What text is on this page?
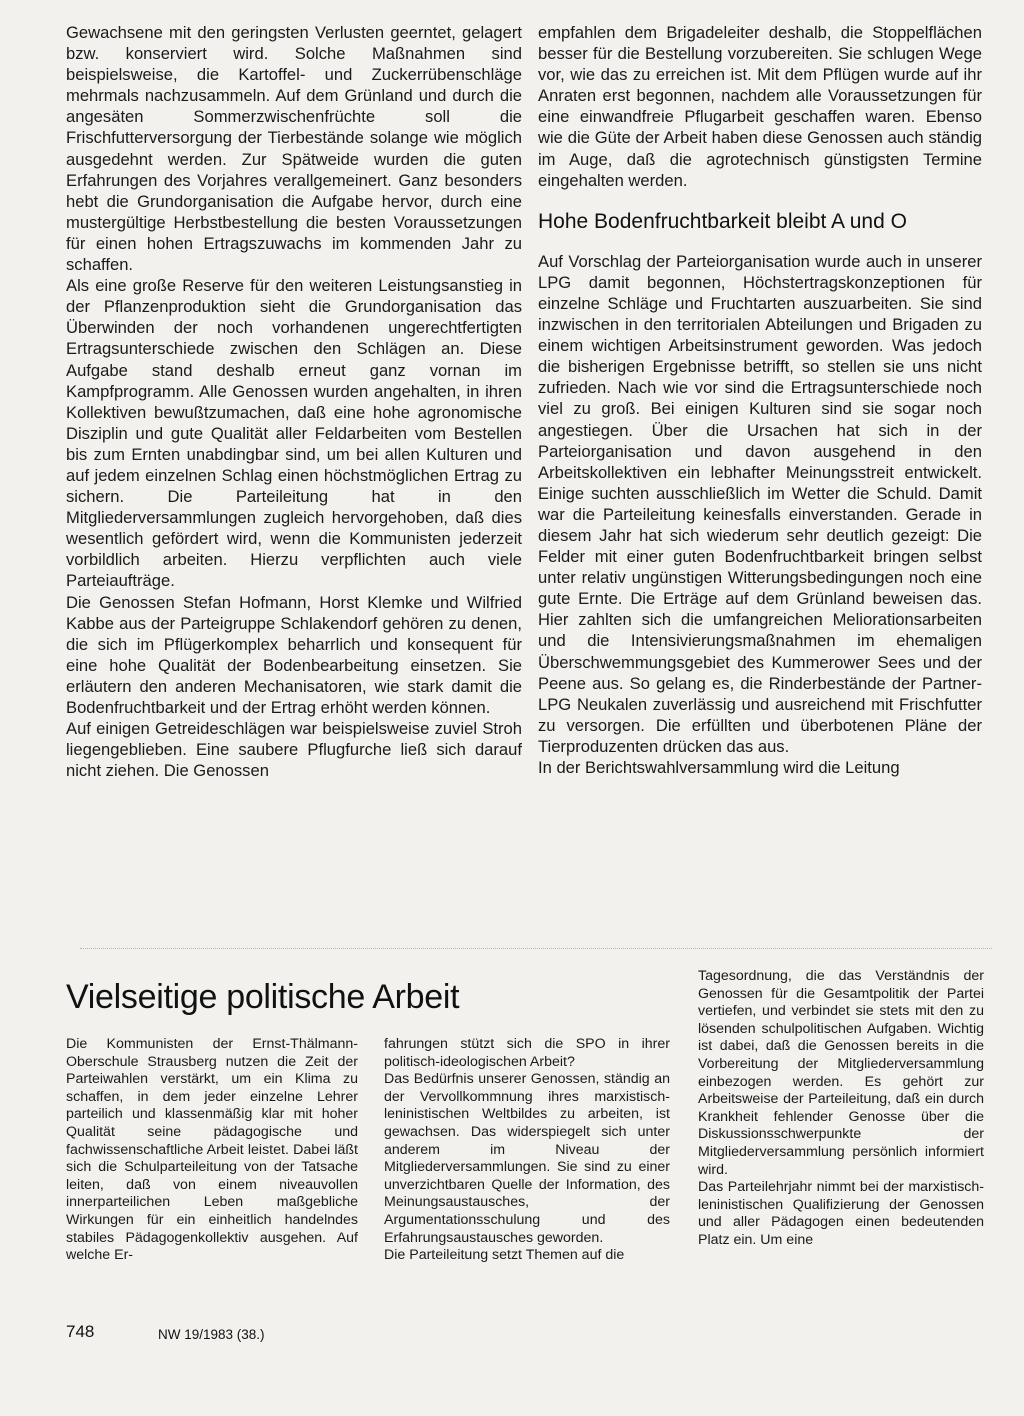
Gewachsene mit den geringsten Verlusten geerntet, gelagert bzw. konserviert wird. Solche Maßnahmen sind beispielsweise, die Kartoffel- und Zuckerrübenschläge mehrmals nachzusammeln. Auf dem Grünland und durch die angesäten Sommerzwischenfrüchte soll die Frischfutterversorgung der Tierbestände solange wie möglich ausgedehnt werden. Zur Spätweide wurden die guten Erfahrungen des Vorjahres verallgemeinert. Ganz besonders hebt die Grundorganisation die Aufgabe hervor, durch eine mustergültige Herbstbestellung die besten Voraussetzungen für einen hohen Ertragszuwachs im kommenden Jahr zu schaffen.

Als eine große Reserve für den weiteren Leistungsanstieg in der Pflanzenproduktion sieht die Grundorganisation das Überwinden der noch vorhandenen ungerechtfertigten Ertragsunterschiede zwischen den Schlägen an. Diese Aufgabe stand deshalb erneut ganz vornan im Kampfprogramm. Alle Genossen wurden angehalten, in ihren Kollektiven bewußtzumachen, daß eine hohe agronomische Disziplin und gute Qualität aller Feldarbeiten vom Bestellen bis zum Ernten unabdingbar sind, um bei allen Kulturen und auf jedem einzelnen Schlag einen höchstmöglichen Ertrag zu sichern. Die Parteileitung hat in den Mitgliederversammlungen zugleich hervorgehoben, daß dies wesentlich gefördert wird, wenn die Kommunisten jederzeit vorbildlich arbeiten. Hierzu verpflichten auch viele Parteiaufträge.

Die Genossen Stefan Hofmann, Horst Klemke und Wilfried Kabbe aus der Parteigruppe Schlakendorf gehören zu denen, die sich im Pflügerkomplex beharrlich und konsequent für eine hohe Qualität der Bodenbearbeitung einsetzen. Sie erläutern den anderen Mechanisatoren, wie stark damit die Bodenfruchtbarkeit und der Ertrag erhöht werden können.

Auf einigen Getreideschlägen war beispielsweise zuviel Stroh liegengeblieben. Eine saubere Pflugfurche ließ sich darauf nicht ziehen. Die Genossen

empfahlen dem Brigadeleiter deshalb, die Stoppelflächen besser für die Bestellung vorzubereiten. Sie schlugen Wege vor, wie das zu erreichen ist. Mit dem Pflügen wurde auf ihr Anraten erst begonnen, nachdem alle Voraussetzungen für eine einwandfreie Pflugarbeit geschaffen waren. Ebenso wie die Güte der Arbeit haben diese Genossen auch ständig im Auge, daß die agrotechnisch günstigsten Termine eingehalten werden.

Hohe Bodenfruchtbarkeit bleibt A und O

Auf Vorschlag der Parteiorganisation wurde auch in unserer LPG damit begonnen, Höchstertragskonzeptionen für einzelne Schläge und Fruchtarten auszuarbeiten. Sie sind inzwischen in den territorialen Abteilungen und Brigaden zu einem wichtigen Arbeitsinstrument geworden. Was jedoch die bisherigen Ergebnisse betrifft, so stellen sie uns nicht zufrieden. Nach wie vor sind die Ertragsunterschiede noch viel zu groß. Bei einigen Kulturen sind sie sogar noch angestiegen. Über die Ursachen hat sich in der Parteiorganisation und davon ausgehend in den Arbeitskollektiven ein lebhafter Meinungsstreit entwickelt. Einige suchten ausschließlich im Wetter die Schuld. Damit war die Parteileitung keinesfalls einverstanden. Gerade in diesem Jahr hat sich wiederum sehr deutlich gezeigt: Die Felder mit einer guten Bodenfruchtbarkeit bringen selbst unter relativ ungünstigen Witterungsbedingungen noch eine gute Ernte. Die Erträge auf dem Grünland beweisen das. Hier zahlten sich die umfangreichen Meliorationsarbeiten und die Intensivierungsmaßnahmen im ehemaligen Überschwemmungsgebiet des Kummerower Sees und der Peene aus. So gelang es, die Rinderbestände der Partner-LPG Neukalen zuverlässig und ausreichend mit Frischfutter zu versorgen. Die erfüllten und überbotenen Pläne der Tierproduzenten drücken das aus.

In der Berichtswahlversammlung wird die Leitung

Vielseitige politische Arbeit

Die Kommunisten der Ernst-Thälmann-Oberschule Strausberg nutzen die Zeit der Parteiwahlen verstärkt, um ein Klima zu schaffen, in dem jeder einzelne Lehrer parteilich und klassenmäßig klar mit hoher Qualität seine pädagogische und fachwissenschaftliche Arbeit leistet. Dabei läßt sich die Schulparteileitung von der Tatsache leiten, daß von einem niveauvollen innerparteilichen Leben maßgebliche Wirkungen für ein einheitlich handelndes stabiles Pädagogenkollektiv ausgehen. Auf welche Er-

fahrungen stützt sich die SPO in ihrer politisch-ideologischen Arbeit?

Das Bedürfnis unserer Genossen, ständig an der Vervollkommnung ihres marxistisch-leninistischen Weltbildes zu arbeiten, ist gewachsen. Das widerspiegelt sich unter anderem im Niveau der Mitgliederversammlungen. Sie sind zu einer unverzichtbaren Quelle der Information, des Meinungsaustausches, der Argumentationsschulung und des Erfahrungsaustausches geworden.

Die Parteileitung setzt Themen auf die

Tagesordnung, die das Verständnis der Genossen für die Gesamtpolitik der Partei vertiefen, und verbindet sie stets mit den zu lösenden schulpolitischen Aufgaben. Wichtig ist dabei, daß die Genossen bereits in die Vorbereitung der Mitgliederversammlung einbezogen werden. Es gehört zur Arbeitsweise der Parteileitung, daß ein durch Krankheit fehlender Genosse über die Diskussionsschwerpunkte der Mitgliederversammlung persönlich informiert wird.

Das Parteilehrjahr nimmt bei der marxistisch-leninistischen Qualifizierung der Genossen und aller Pädagogen einen bedeutenden Platz ein. Um eine

748	NW 19/1983 (38.)
